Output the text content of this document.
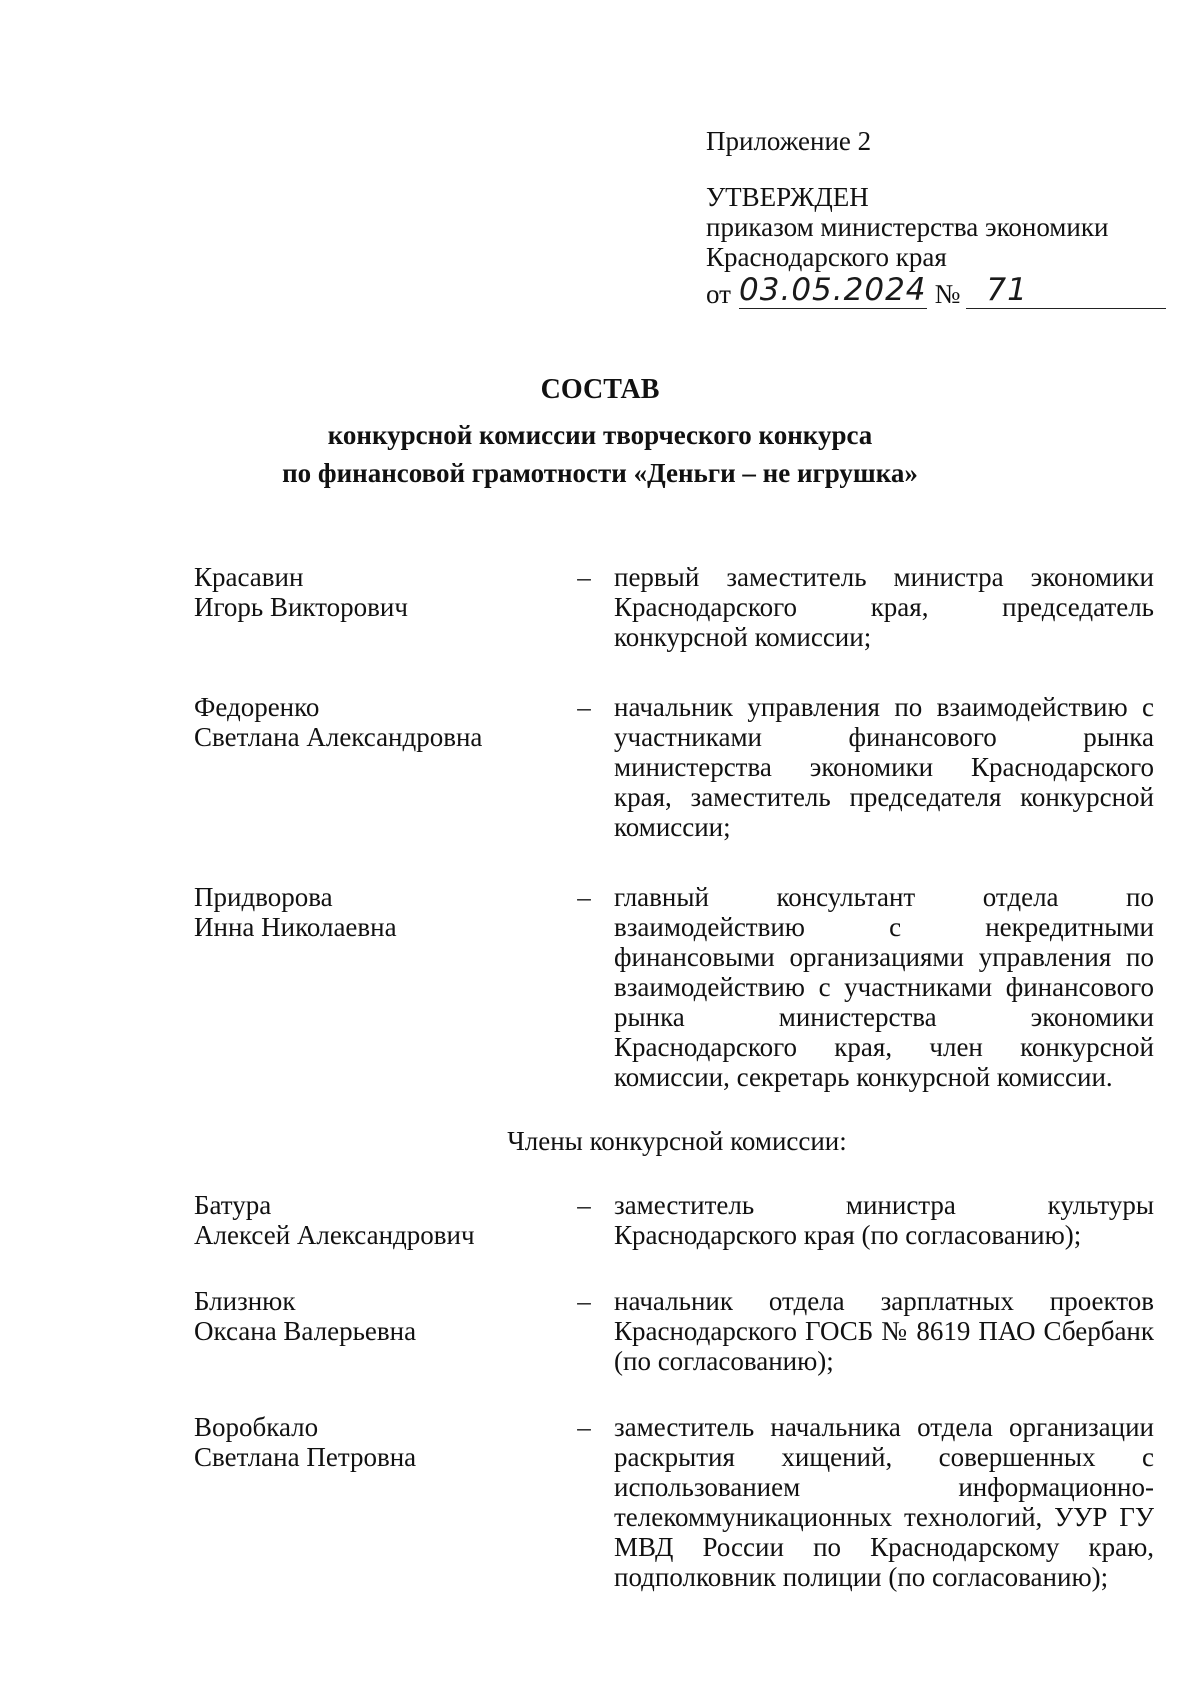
Приложение 2
УТВЕРЖДЕН
приказом министерства экономики
Краснодарского края
от 03.05.2024 № 71
СОСТАВ
конкурсной комиссии творческого конкурса
по финансовой грамотности «Деньги – не игрушка»
Красавин
Игорь Викторович
– первый заместитель министра экономики Краснодарского края, председатель конкурсной комиссии;
Федоренко
Светлана Александровна
– начальник управления по взаимодействию с участниками финансового рынка министерства экономики Краснодарского края, заместитель председателя конкурсной комиссии;
Придворова
Инна Николаевна
– главный консультант отдела по взаимодействию с некредитными финансовыми организациями управления по взаимодействию с участниками финансового рынка министерства экономики Краснодарского края, член конкурсной комиссии, секретарь конкурсной комиссии.
Члены конкурсной комиссии:
Батура
Алексей Александрович
– заместитель министра культуры Краснодарского края (по согласованию);
Близнюк
Оксана Валерьевна
– начальник отдела зарплатных проектов Краснодарского ГОСБ № 8619 ПАО Сбербанк (по согласованию);
Воробкало
Светлана Петровна
– заместитель начальника отдела организации раскрытия хищений, совершенных с использованием информационно-телекоммуникационных технологий, УУР ГУ МВД России по Краснодарскому краю, подполковник полиции (по согласованию);
